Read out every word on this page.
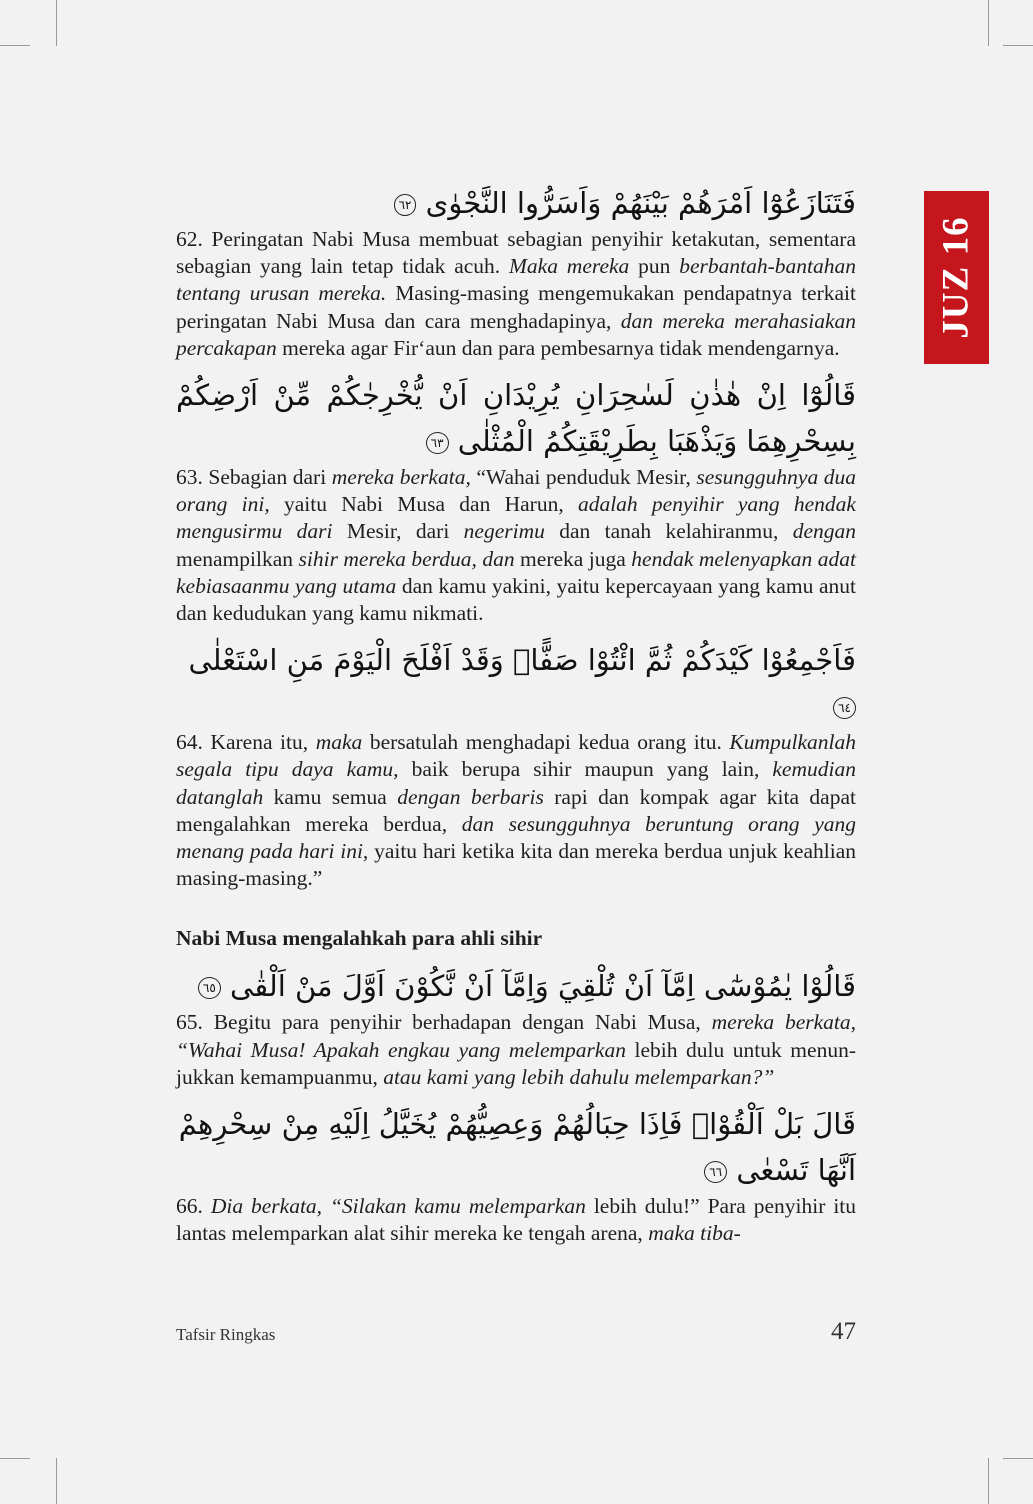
JUZ 16
فَتَنَازَعُوْٓا اَمْرَهُمْ بَيْنَهُمْ وَاَسَرُّوا النَّجْوٰى ٦٢

62. Peringatan Nabi Musa membuat sebagian penyihir ketakutan, sementara sebagian yang lain tetap tidak acuh. Maka mereka pun berbantah-bantahan tentang urusan mereka. Masing-masing mengemukakan pendapatnya terkait peringatan Nabi Musa dan cara menghadapinya, dan mereka merahasiakan percakapan mereka agar Fir‘aun dan para pembesarnya tidak mendengarnya.

قَالُوْٓا اِنْ هٰذٰنِ لَسٰحِرَانِ يُرِيْدَانِ اَنْ يُّخْرِجٰكُمْ مِّنْ اَرْضِكُمْ بِسِحْرِهِمَا وَيَذْهَبَا بِطَرِيْقَتِكُمُ الْمُثْلٰى ٦٣

63. Sebagian dari mereka berkata, “Wahai penduduk Mesir, sesungguhnya dua orang ini, yaitu Nabi Musa dan Harun, adalah penyihir yang hendak mengusirmu dari Mesir, dari negerimu dan tanah kelahiranmu, dengan menampilkan sihir mereka berdua, dan mereka juga hendak melenyapkan adat kebiasaanmu yang utama dan kamu yakini, yaitu kepercayaan yang kamu anut dan kedudukan yang kamu nikmati.

فَاَجْمِعُوْا كَيْدَكُمْ ثُمَّ ائْتُوْا صَفًّاۚ وَقَدْ اَفْلَحَ الْيَوْمَ مَنِ اسْتَعْلٰى ٦٤

64. Karena itu, maka bersatulah menghadapi kedua orang itu. Kumpulkanlah segala tipu daya kamu, baik berupa sihir maupun yang lain, kemudian datanglah kamu semua dengan berbaris rapi dan kompak agar kita dapat mengalahkan mereka berdua, dan sesungguhnya beruntung orang yang menang pada hari ini, yaitu hari ketika kita dan mereka berdua unjuk keahlian masing-masing.”

Nabi Musa mengalahkah para ahli sihir
قَالُوْا يٰمُوْسٰٓى اِمَّآ اَنْ تُلْقِيَ وَاِمَّآ اَنْ نَّكُوْنَ اَوَّلَ مَنْ اَلْقٰى ٦٥

65. Begitu para penyihir berhadapan dengan Nabi Musa, mereka berkata, “Wahai Musa! Apakah engkau yang melemparkan lebih dulu untuk menun-jukkan kemampuanmu, atau kami yang lebih dahulu melemparkan?”

قَالَ بَلْ اَلْقُوْاۚ فَاِذَا حِبَالُهُمْ وَعِصِيُّهُمْ يُخَيَّلُ اِلَيْهِ مِنْ سِحْرِهِمْ اَنَّهَا تَسْعٰى ٦٦

66. Dia berkata, “Silakan kamu melemparkan lebih dulu!” Para penyihir itu lantas melemparkan alat sihir mereka ke tengah arena, maka tiba-

Tafsir Ringkas	47
